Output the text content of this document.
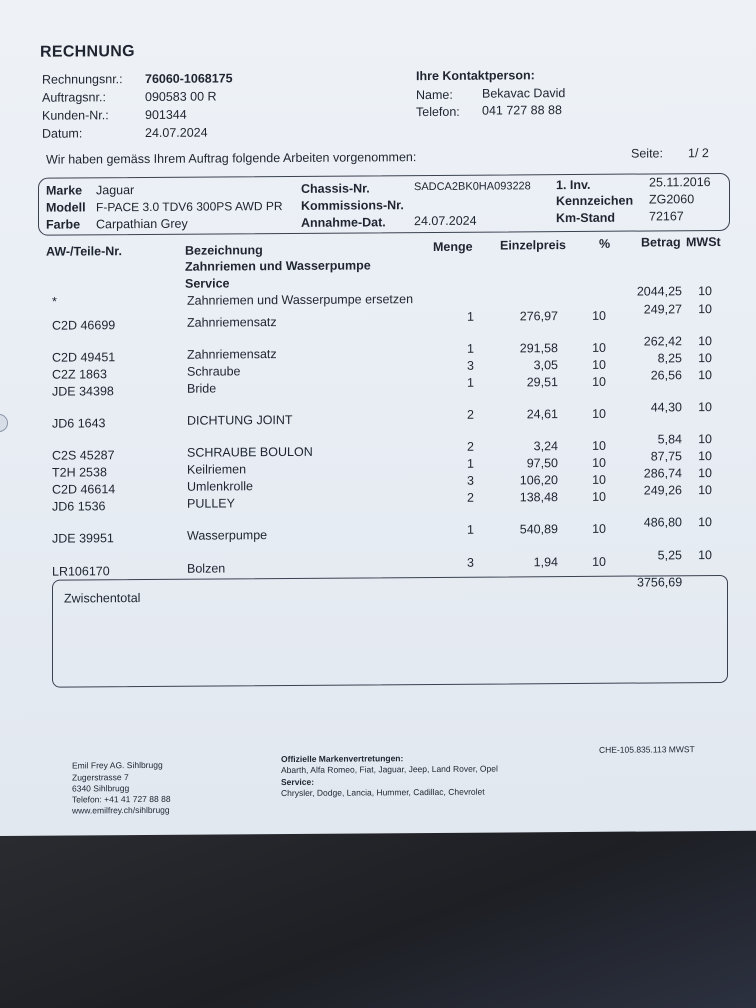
RECHNUNG
Rechnungsnr.: 76060-1068175
Auftragsnr.:	090583 00 R
Kunden-Nr.:	901344
Datum:	24.07.2024
Ihre Kontaktperson:
Name: Bekavac David
Telefon: 041 727 88 88
Wir haben gemäss Ihrem Auftrag folgende Arbeiten vorgenommen:	Seite: 1/ 2
Marke Jaguar
Modell F-PACE 3.0 TDV6 300PS AWD PR
Farbe Carpathian Grey
Chassis-Nr.	SADCA2BK0HA093228
Kommissions-Nr.
Annahme-Dat. 24.07.2024
1. Inv.	25.11.2016
Kennzeichen ZG2060
Km-Stand	72167
AW-/Teile-Nr.	Bezeichnung	Menge Einzelpreis	% Betrag MWSt
Zahnriemen und Wasserpumpe
Service
*	Zahnriemen und Wasserpumpe ersetzen
2044,25	10
C2D 46699	Zahnriemensatz	1	276,97	10	249,27	10
C2D 49451	Zahnriemensatz	1	291,58	10	262,42	10
C2Z 1863	Schraube	3	3,05	10	8,25	10
JDE 34398	Bride	1	29,51	10	26,56	10
JD6 1643	DICHTUNG JOINT	2	24,61	10	44,30	10
C2S 45287	SCHRAUBE BOULON	2	3,24	10	5,84	10
T2H 2538	Keilriemen	1	97,50	10	87,75	10
C2D 46614	Umlenkrolle	3	106,20	10	286,74	10
JD6 1536	PULLEY	2	138,48	10	249,26	10
JDE 39951	Wasserpumpe	1	540,89	10	486,80	10
LR106170	Bolzen	3	1,94	10	5,25	10
Zwischentotal
3756,69
Emil Frey AG. Sihlbrugg
Zugerstrasse 7
6340 Sihlbrugg
Telefon: +41 41 727 88 88
www.emilfrey.ch/sihlbrugg
Offizielle Markenvertretungen:
Abarth, Alfa Romeo, Fiat, Jaguar, Jeep, Land Rover, Opel
Service:
Chrysler, Dodge, Lancia, Hummer, Cadillac, Chevrolet
CHE-105.835.113 MWST
